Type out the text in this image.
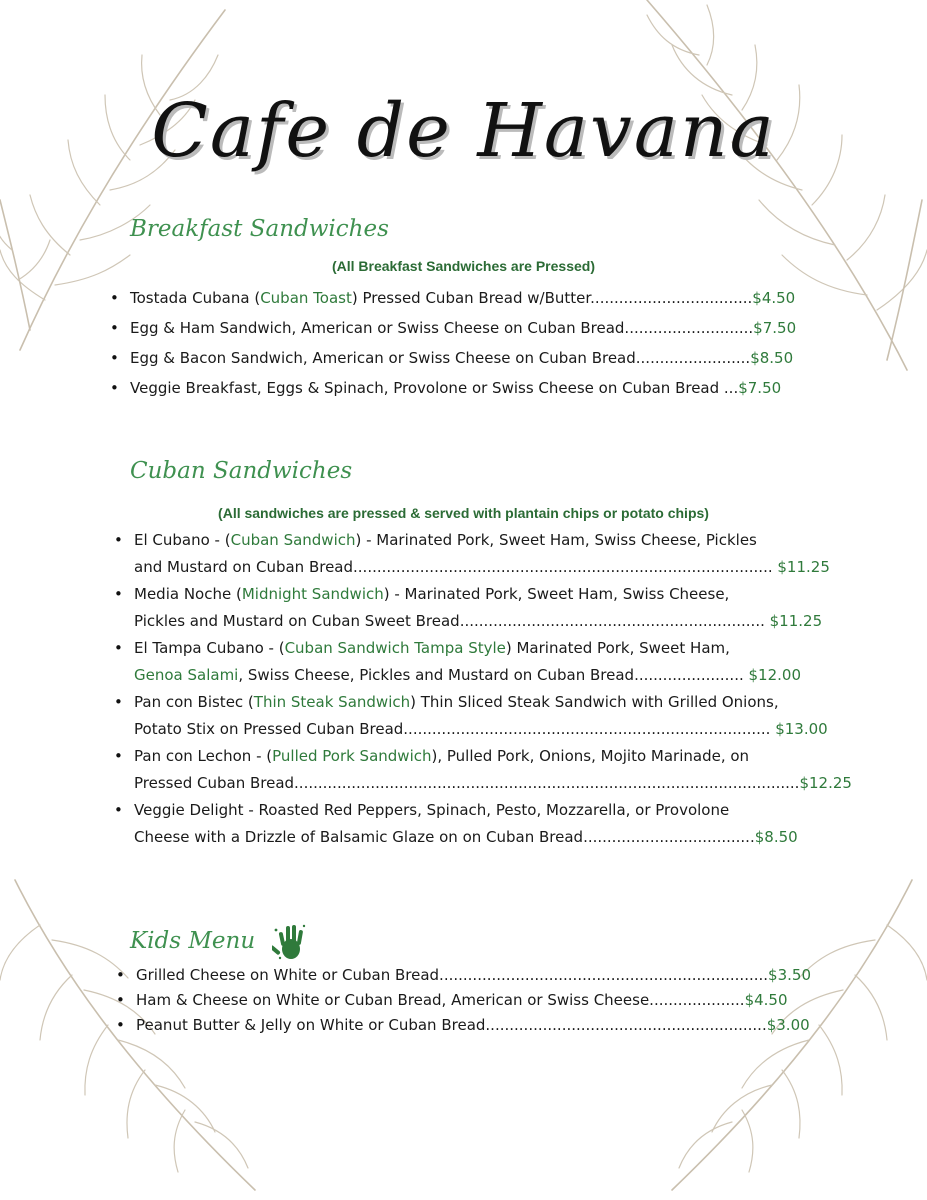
Cafe de Havana
Breakfast Sandwiches
(All Breakfast Sandwiches are Pressed)
• Tostada Cubana (Cuban Toast) Pressed Cuban Bread w/Butter..................................$4.50
• Egg & Ham Sandwich, American or Swiss Cheese on Cuban Bread...........................$7.50
• Egg & Bacon Sandwich, American or Swiss Cheese on Cuban Bread........................$8.50
• Veggie Breakfast, Eggs & Spinach, Provolone or Swiss Cheese on Cuban Bread ...$7.50
Cuban Sandwiches
(All sandwiches are pressed & served with plantain chips or potato chips)
• El Cubano - (Cuban Sandwich) - Marinated Pork, Sweet Ham, Swiss Cheese, Pickles
and Mustard on Cuban Bread........................................................................................ $11.25
• Media Noche (Midnight Sandwich) - Marinated Pork, Sweet Ham, Swiss Cheese,
Pickles and Mustard on Cuban Sweet Bread................................................................ $11.25
• El Tampa Cubano - (Cuban Sandwich Tampa Style) Marinated Pork, Sweet Ham,
Genoa Salami, Swiss Cheese, Pickles and Mustard on Cuban Bread....................... $12.00
• Pan con Bistec (Thin Steak Sandwich) Thin Sliced Steak Sandwich with Grilled Onions,
Potato Stix on Pressed Cuban Bread............................................................................. $13.00
• Pan con Lechon - (Pulled Pork Sandwich), Pulled Pork, Onions, Mojito Marinade, on
Pressed Cuban Bread..........................................................................................................$12.25
• Veggie Delight - Roasted Red Peppers, Spinach, Pesto, Mozzarella, or Provolone
Cheese with a Drizzle of Balsamic Glaze on on Cuban Bread....................................$8.50
Kids Menu
• Grilled Cheese on White or Cuban Bread.....................................................................$3.50
• Ham & Cheese on White or Cuban Bread, American or Swiss Cheese....................$4.50
• Peanut Butter & Jelly on White or Cuban Bread...........................................................$3.00
